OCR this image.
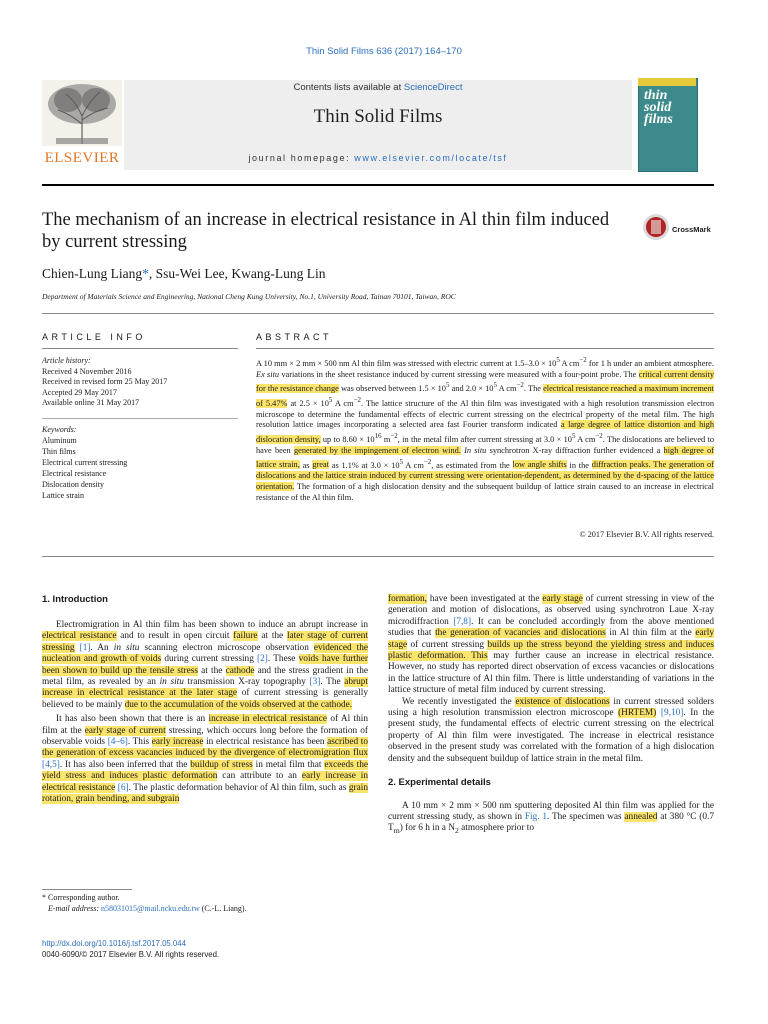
Thin Solid Films 636 (2017) 164–170
Contents lists available at ScienceDirect
Thin Solid Films
journal homepage: www.elsevier.com/locate/tsf
ELSEVIER
thin solid films
The mechanism of an increase in electrical resistance in Al thin film induced by current stressing
CrossMark
Chien-Lung Liang*, Ssu-Wei Lee, Kwang-Lung Lin
Department of Materials Science and Engineering, National Cheng Kung University, No.1, University Road, Tainan 70101, Taiwan, ROC
ARTICLE INFO	ABSTRACT
Article history:
Received 4 November 2016
Received in revised form 25 May 2017
Accepted 29 May 2017
Available online 31 May 2017
Keywords:
Aluminum
Thin films
Electrical current stressing
Electrical resistance
Dislocation density
Lattice strain
A 10 mm × 2 mm × 500 nm Al thin film was stressed with electric current at $1.5-3.0 \times 10^5$ A $cm^{-2}$ for 1 h under an ambient atmosphere. Ex situ variations in the sheet resistance induced by current stressing were measured with a four-point probe. The critical current density for the resistance change was observed between $1.5 \times 10^5$ and $2.0 \times 10^5$ A $cm^{-2}$. The electrical resistance reached a maximum increment of 5.47% at $2.5 \times 10^5$ A $cm^{-2}$. The lattice structure of the Al thin film was investigated with a high resolution transmission electron microscope to determine the fundamental effects of electric current stressing on the electrical property of the metal film. The high resolution lattice images incorporating a selected area fast Fourier transform indicated a large degree of lattice distortion and high dislocation density, up to $8.60 \times 10^{16}$ $m^{-2}$, in the metal film after current stressing at $3.0 \times 10^5$ A $cm^{-2}$. The dislocations are believed to have been generated by the impingement of electron wind. In situ synchrotron X-ray diffraction further evidenced a high degree of lattice strain, as great as 1.1% at $3.0 \times 10^5$ A $cm^{-2}$, as estimated from the low angle shifts in the diffraction peaks. The generation of dislocations and the lattice strain induced by current stressing were orientation-dependent, as determined by the d-spacing of the lattice orientation. The formation of a high dislocation density and the subsequent buildup of lattice strain caused to an increase in electrical resistance of the Al thin film.
© 2017 Elsevier B.V. All rights reserved.
1. Introduction

Electromigration in Al thin film has been shown to induce an abrupt increase in electrical resistance and to result in open circuit failure at the later stage of current stressing [1]. An in situ scanning electron microscope observation evidenced the nucleation and growth of voids during current stressing [2]. These voids have further been shown to build up the tensile stress at the cathode and the stress gradient in the metal film, as revealed by an in situ transmission X-ray topography [3]. The abrupt increase in electrical resistance at the later stage of current stressing is generally believed to be mainly due to the accumulation of the voids observed at the cathode.

It has also been shown that there is an increase in electrical resistance of Al thin film at the early stage of current stressing, which occurs long before the formation of observable voids [4–6]. This early increase in electrical resistance has been ascribed to the generation of excess vacancies induced by the divergence of electromigration flux [4,5]. It has also been inferred that the buildup of stress in metal film that exceeds the yield stress and induces plastic deformation can attribute to an early increase in electrical resistance [6]. The plastic deformation behavior of Al thin film, such as grain rotation, grain bending, and subgrain

* Corresponding author.
E-mail address: n58031015@mail.ncku.edu.tw (C.-L. Liang).
http://dx.doi.org/10.1016/j.tsf.2017.05.044
0040-6090/© 2017 Elsevier B.V. All rights reserved.

formation, have been investigated at the early stage of current stressing in view of the generation and motion of dislocations, as observed using synchrotron Laue X-ray microdiffraction [7,8]. It can be concluded accordingly from the above mentioned studies that the generation of vacancies and dislocations in Al thin film at the early stage of current stressing builds up the stress beyond the yielding stress and induces plastic deformation. This may further cause an increase in electrical resistance. However, no study has reported direct observation of excess vacancies or dislocations in the lattice structure of Al thin film. There is little understanding of variations in the lattice structure of metal film induced by current stressing.

We recently investigated the existence of dislocations in current stressed solders using a high resolution transmission electron microscope (HRTEM) [9,10]. In the present study, the fundamental effects of electric current stressing on the electrical property of Al thin film were investigated. The increase in electrical resistance observed in the present study was correlated with the formation of a high dislocation density and the subsequent buildup of lattice strain in the metal film.

2. Experimental details

A 10 mm × 2 mm × 500 nm sputtering deposited Al thin film was applied for the current stressing study, as shown in Fig. 1. The specimen was annealed at 380 °C (0.7 $T_m$) for 6 h in a $N_2$ atmosphere prior to
